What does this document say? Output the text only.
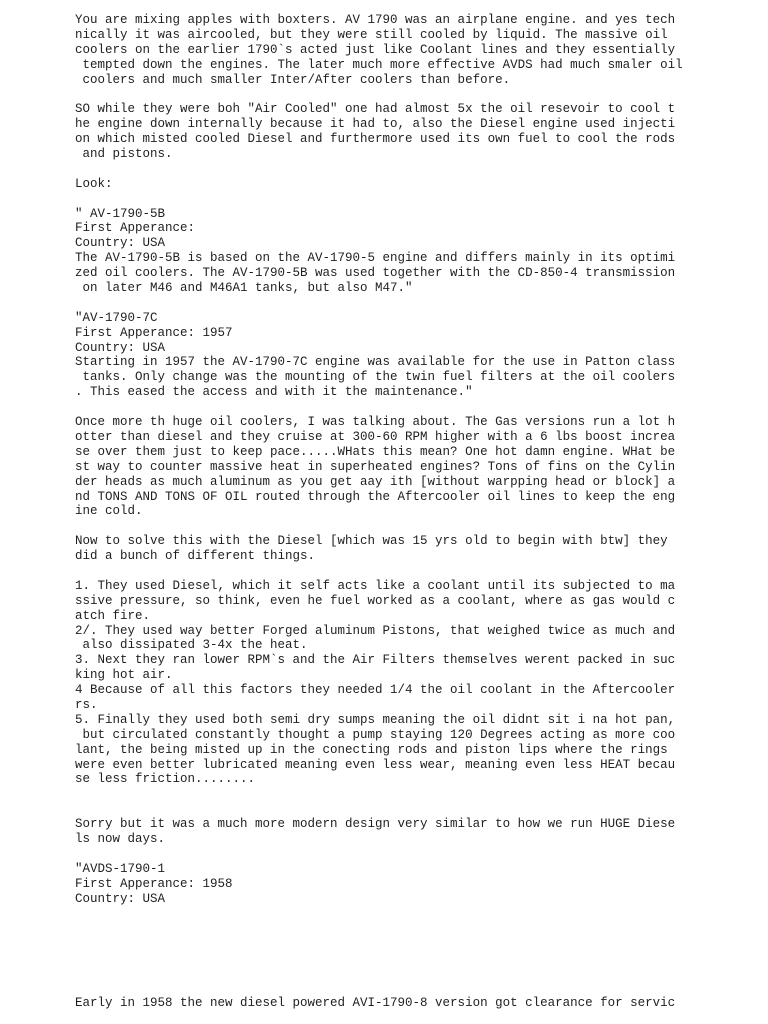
You are mixing apples with boxters. AV 1790 was an airplane engine. and yes tech
nically it was aircooled, but they were still cooled by liquid. The massive oil
coolers on the earlier 1790`s acted just like Coolant lines and they essentially
tempted down the engines. The later much more effective AVDS had much smaler oil
coolers and much smaller Inter/After coolers than before.
SO while they were boh "Air Cooled" one had almost 5x the oil resevoir to cool t
he engine down internally because it had to, also the Diesel engine used injecti
on which misted cooled Diesel and furthermore used its own fuel to cool the rods
and pistons.
Look:
" AV-1790-5B
First Apperance:
Country: USA
The AV-1790-5B is based on the AV-1790-5 engine and differs mainly in its optimi
zed oil coolers. The AV-1790-5B was used together with the CD-850-4 transmission
on later M46 and M46A1 tanks, but also M47."
"AV-1790-7C
First Apperance: 1957
Country: USA
Starting in 1957 the AV-1790-7C engine was available for the use in Patton class
tanks. Only change was the mounting of the twin fuel filters at the oil coolers
. This eased the access and with it the maintenance."
Once more th huge oil coolers, I was talking about. The Gas versions run a lot h
otter than diesel and they cruise at 300-60 RPM higher with a 6 lbs boost increa
se over them just to keep pace.....WHats this mean? One hot damn engine. WHat be
st way to counter massive heat in superheated engines? Tons of fins on the Cylin
der heads as much aluminum as you get aay ith [without warpping head or block] a
nd TONS AND TONS OF OIL routed through the Aftercooler oil lines to keep the eng
ine cold.
Now to solve this with the Diesel [which was 15 yrs old to begin with btw] they
did a bunch of different things.
1. They used Diesel, which it self acts like a coolant until its subjected to ma
ssive pressure, so think, even he fuel worked as a coolant, where as gas would c
atch fire.
2/. They used way better Forged aluminum Pistons, that weighed twice as much and
also dissipated 3-4x the heat.
3. Next they ran lower RPM`s and the Air Filters themselves werent packed in suc
king hot air.
4 Because of all this factors they needed 1/4 the oil coolant in the Aftercooler
rs.
5. Finally they used both semi dry sumps meaning the oil didnt sit i na hot pan,
but circulated constantly thought a pump staying 120 Degrees acting as more coo
lant, the being misted up in the conecting rods and piston lips where the rings
were even better lubricated meaning even less wear, meaning even less HEAT becau
se less friction........
Sorry but it was a much more modern design very similar to how we run HUGE Diese
ls now days.
"AVDS-1790-1
First Apperance: 1958
Country: USA
Early in 1958 the new diesel powered AVI-1790-8 version got clearance for servic
